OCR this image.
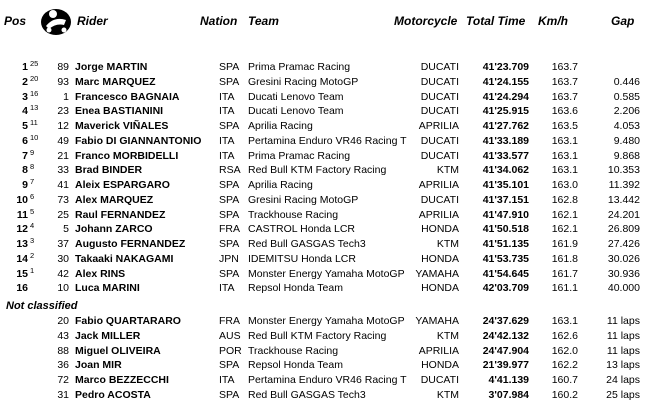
Pos	Rider	Nation Team	Motorcycle Total Time Km/h	Gap
1 25	89 Jorge MARTIN	SPA Prima Pramac Racing	DUCATI	41'23.709	163.7
2 20	93 Marc MARQUEZ	SPA Gresini Racing MotoGP	DUCATI	41'24.155	163.7	0.446
3 16	1 Francesco BAGNAIA	ITA	Ducati Lenovo Team	DUCATI	41'24.294	163.7	0.585
4 13	23 Enea BASTIANINI	ITA	Ducati Lenovo Team	DUCATI	41'25.915	163.6	2.206
5 11	12 Maverick VIÑALES	SPA Aprilia Racing	APRILIA	41'27.762	163.5	4.053
6 10	49 Fabio DI GIANNANTONIO ITA	Pertamina Enduro VR46 Racing T	DUCATI	41'33.189	163.1	9.480
7 9	21 Franco MORBIDELLI	ITA	Prima Pramac Racing	DUCATI	41'33.577	163.1	9.868
8 8	33 Brad BINDER	RSA Red Bull KTM Factory Racing	KTM	41'34.062	163.1	10.353
9 7	41 Aleix ESPARGARO	SPA Aprilia Racing	APRILIA	41'35.101	163.0	11.392
10 6	73 Alex MARQUEZ	SPA Gresini Racing MotoGP	DUCATI	41'37.151	162.8	13.442
11 5	25 Raul FERNANDEZ	SPA Trackhouse Racing	APRILIA	41'47.910	162.1	24.201
12 4	5 Johann ZARCO	FRA CASTROL Honda LCR	HONDA	41'50.518	162.1	26.809
13 3	37 Augusto FERNANDEZ	SPA Red Bull GASGAS Tech3	KTM	41'51.135	161.9	27.426
14 2	30 Takaaki NAKAGAMI	JPN IDEMITSU Honda LCR	HONDA	41'53.735	161.8	30.026
15 1	42 Alex RINS	SPA Monster Energy Yamaha MotoGP	YAMAHA	41'54.645	161.7	30.936
16	10 Luca MARINI	ITA	Repsol Honda Team	HONDA	42'03.709	161.1	40.000
20 Fabio QUARTARARO	FRA Monster Energy Yamaha MotoGP	YAMAHA	24'37.629	163.1	11 laps
43 Jack MILLER	AUS Red Bull KTM Factory Racing	KTM	24'42.132	162.6	11 laps
88 Miguel OLIVEIRA	POR Trackhouse Racing	APRILIA	24'47.904	162.0	11 laps
36 Joan MIR	SPA Repsol Honda Team	HONDA	21'39.977	162.2	13 laps
72 Marco BEZZECCHI	ITA	Pertamina Enduro VR46 Racing T	DUCATI	4'41.139	160.7	24 laps
31 Pedro ACOSTA	SPA Red Bull GASGAS Tech3	KTM	3'07.984	160.2	25 laps
Not classified
